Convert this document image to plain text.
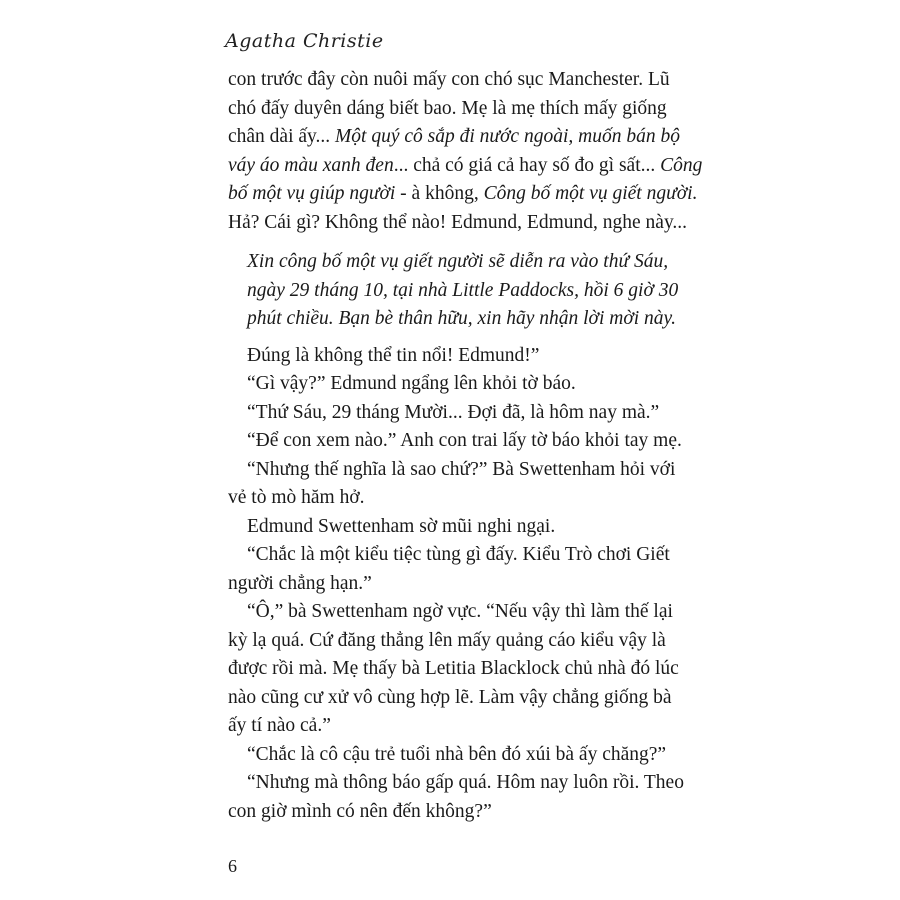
Agatha Christie

con trước đây còn nuôi mấy con chó sục Manchester. Lũ

chó đấy duyên dáng biết bao. Mẹ là mẹ thích mấy giống

chân dài ấy... Một quý cô sắp đi nước ngoài, muốn bán bộ

váy áo màu xanh đen... chả có giá cả hay số đo gì sất... Công

bố một vụ giúp người - à không, Công bố một vụ giết người.

Hả? Cái gì? Không thể nào! Edmund, Edmund, nghe này...

Xin công bố một vụ giết người sẽ diễn ra vào thứ Sáu,

ngày 29 tháng 10, tại nhà Little Paddocks, hồi 6 giờ 30

phút chiều. Bạn bè thân hữu, xin hãy nhận lời mời này.

Đúng là không thể tin nổi! Edmund!”

“Gì vậy?” Edmund ngẩng lên khỏi tờ báo.

“Thứ Sáu, 29 tháng Mười... Đợi đã, là hôm nay mà.”

“Để con xem nào.” Anh con trai lấy tờ báo khỏi tay mẹ.

“Nhưng thế nghĩa là sao chứ?” Bà Swettenham hỏi với

vẻ tò mò hăm hở.

Edmund Swettenham sờ mũi nghi ngại.

“Chắc là một kiểu tiệc tùng gì đấy. Kiểu Trò chơi Giết

người chẳng hạn.”

“Ô,” bà Swettenham ngờ vực. “Nếu vậy thì làm thế lại

kỳ lạ quá. Cứ đăng thẳng lên mấy quảng cáo kiểu vậy là

được rồi mà. Mẹ thấy bà Letitia Blacklock chủ nhà đó lúc

nào cũng cư xử vô cùng hợp lẽ. Làm vậy chẳng giống bà

ấy tí nào cả.”

“Chắc là cô cậu trẻ tuổi nhà bên đó xúi bà ấy chăng?”

“Nhưng mà thông báo gấp quá. Hôm nay luôn rồi. Theo

con giờ mình có nên đến không?”

6
